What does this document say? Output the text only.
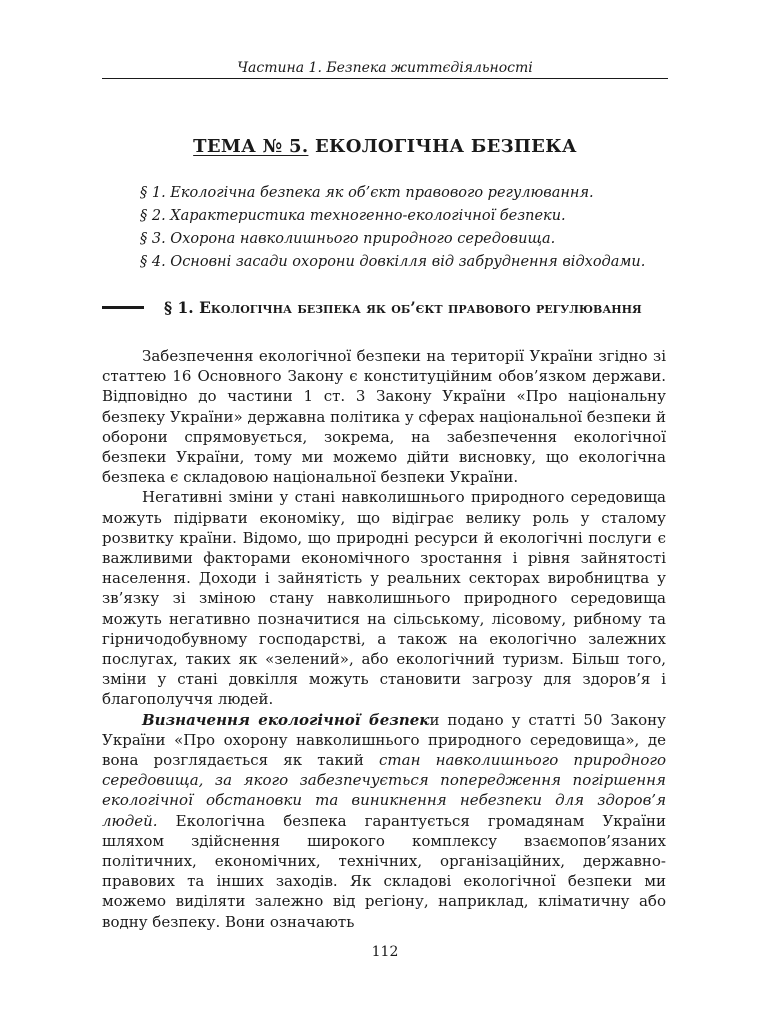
Частина 1. Безпека життєдіяльності
ТЕМА № 5. ЕКОЛОГІЧНА БЕЗПЕКА
§ 1. Екологічна безпека як об’єкт правового регулювання.
§ 2. Характеристика техногенно-екологічної безпеки.
§ 3. Охорона навколишнього природного середовища.
§ 4. Основні засади охорони довкілля від забруднення відходами.
§ 1. Екологічна безпека як об’єкт правового регулювання

Забезпечення екологічної безпеки на території України згідно зі статтею 16 Основного Закону є конституційним обов’язком держави. Відповідно до частини 1 ст. 3 Закону України «Про національну безпеку України» державна політика у сферах національної безпеки й оборони спрямовується, зокрема, на забезпечення екологічної безпеки України, тому ми можемо дійти висновку, що екологічна безпека є складовою національної безпеки України.

Негативні зміни у стані навколишнього природного середовища можуть підірвати економіку, що відіграє велику роль у сталому розвитку країни. Відомо, що природні ресурси й екологічні послуги є важливими факторами економічного зростання і рівня зайнятості населення. Доходи і зайнятість у реальних секторах виробництва у зв’язку зі зміною стану навколишнього природного середовища можуть негативно позначитися на сільському, лісовому, рибному та гірничодобувному господарстві, а також на екологічно залежних послугах, таких як «зелений», або екологічний туризм. Більш того, зміни у стані довкілля можуть становити загрозу для здоров’я і благополуччя людей.

Визначення екологічної безпеки подано у статті 50 Закону України «Про охорону навколишнього природного середовища», де вона розглядається як такий стан навколишнього природного середовища, за якого забезпечується попередження погіршення екологічної обстановки та виникнення небезпеки для здоров’я людей. Екологічна безпека гарантується громадянам України шляхом здійснення широкого комплексу взаємопов’язаних політичних, економічних, технічних, організаційних, державно-правових та інших заходів. Як складові екологічної безпеки ми можемо виділяти залежно від регіону, наприклад, кліматичну або водну безпеку. Вони означають

112
